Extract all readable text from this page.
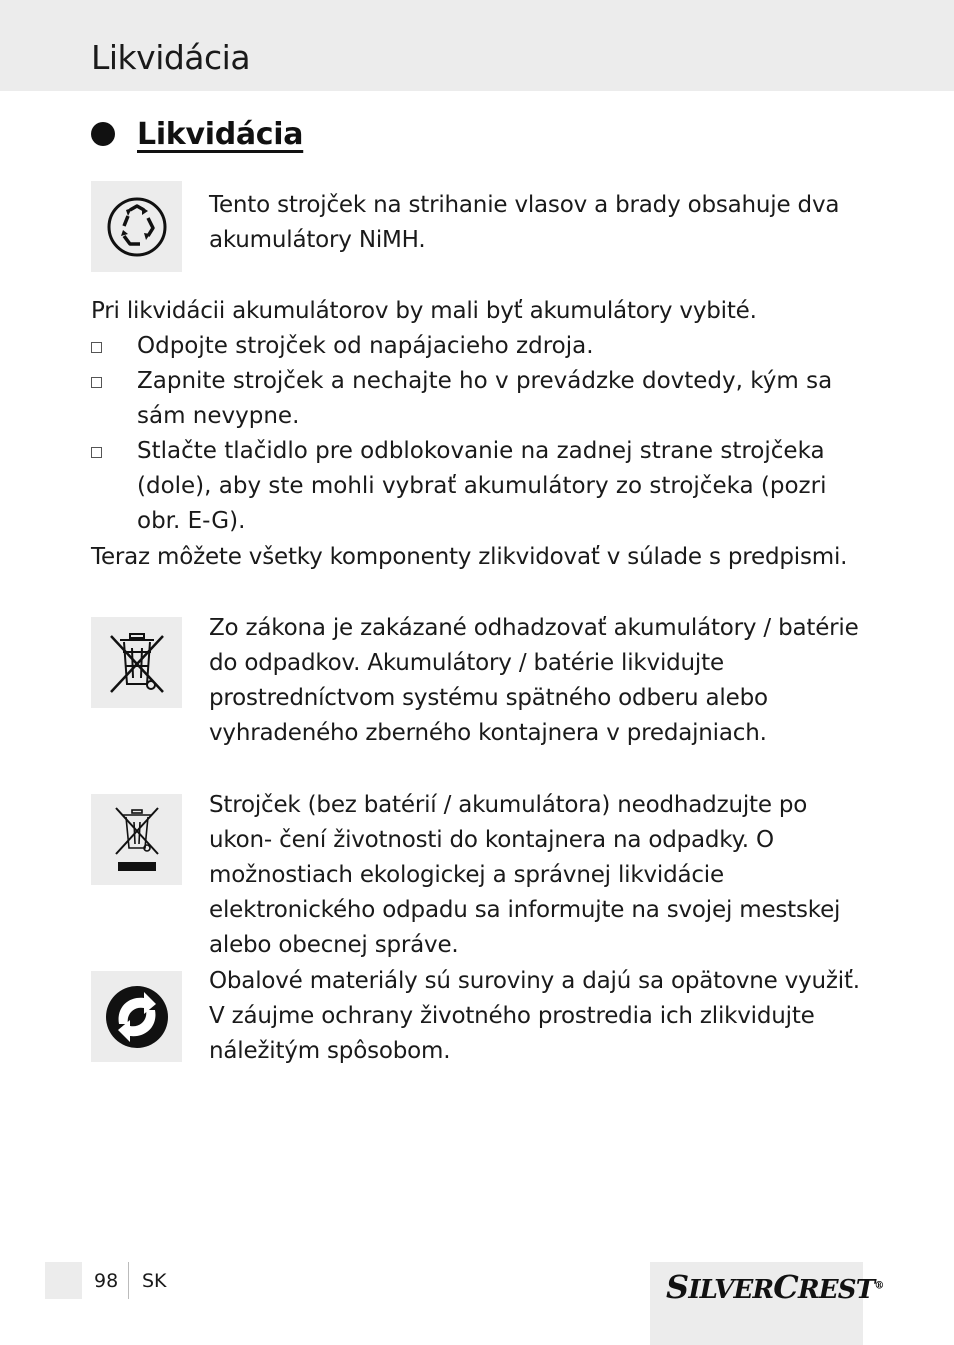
Likvidácia
Likvidácia
Tento strojček na strihanie vlasov a brady obsahuje dva akumulátory NiMH.
Pri likvidácii akumulátorov by mali byť akumulátory vybité.
Odpojte strojček od napájacieho zdroja.
Zapnite strojček a nechajte ho v prevádzke dovtedy, kým sa sám nevypne.
Stlačte tlačidlo pre odblokovanie na zadnej strane strojčeka (dole), aby ste mohli vybrať akumulátory zo strojčeka (pozri obr. E-G).
Teraz môžete všetky komponenty zlikvidovať v súlade s predpismi.
Zo zákona je zakázané odhadzovať akumulátory / batérie do odpadkov. Akumulátory / batérie likvidujte prostredníctvom systému spätného odberu alebo vyhradeného zberného kontajnera v predajniach.
Strojček (bez batérií / akumulátora) neodhadzujte po ukon- čení životnosti do kontajnera na odpadky. O možnostiach ekologickej a správnej likvidácie elektronického odpadu sa informujte na svojej mestskej alebo obecnej správe.
Obalové materiály sú suroviny a dajú sa opätovne využiť. V záujme ochrany životného prostredia ich zlikvidujte náležitým spôsobom.
98 SK	SILVERCREST®
